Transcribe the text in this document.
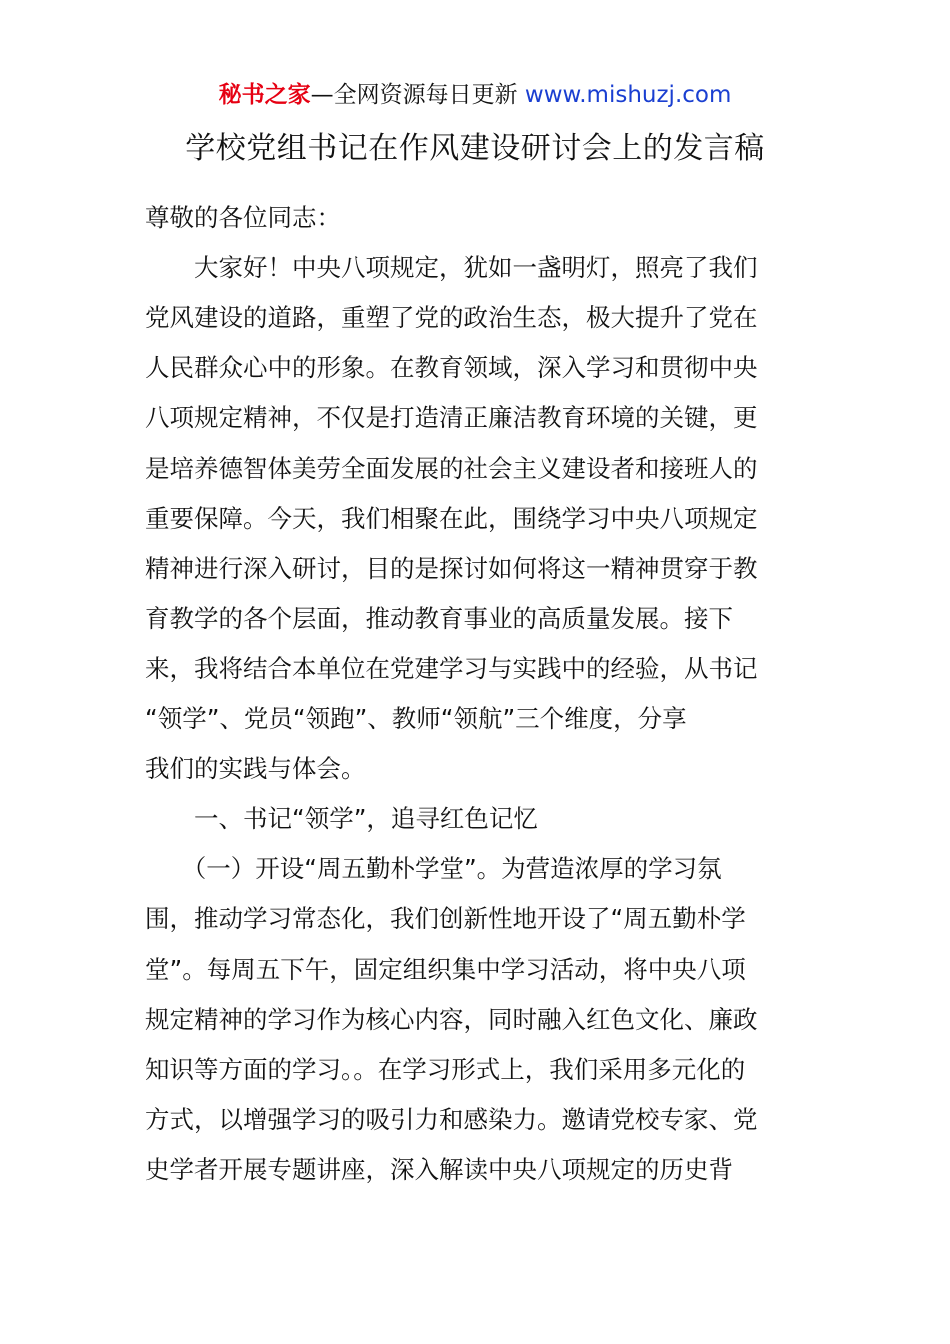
秘书之家—全网资源每日更新 www.mishuzj.com
学校党组书记在作风建设研讨会上的发言稿
尊敬的各位同志：
　　大家好！中央八项规定，犹如一盏明灯，照亮了我们
党风建设的道路，重塑了党的政治生态，极大提升了党在
人民群众心中的形象。在教育领域，深入学习和贯彻中央
八项规定精神，不仅是打造清正廉洁教育环境的关键，更
是培养德智体美劳全面发展的社会主义建设者和接班人的
重要保障。今天，我们相聚在此，围绕学习中央八项规定
精神进行深入研讨，目的是探讨如何将这一精神贯穿于教
育教学的各个层面，推动教育事业的高质量发展。接下
来，我将结合本单位在党建学习与实践中的经验，从书记
“领学”、党员“领跑”、教师“领航”三个维度，分享
我们的实践与体会。
　　一、书记“领学”，追寻红色记忆
　　（一）开设“周五勤朴学堂”。为营造浓厚的学习氛
围，推动学习常态化，我们创新性地开设了“周五勤朴学
堂”。每周五下午，固定组织集中学习活动，将中央八项
规定精神的学习作为核心内容，同时融入红色文化、廉政
知识等方面的学习。。在学习形式上，我们采用多元化的
方式，以增强学习的吸引力和感染力。邀请党校专家、党
史学者开展专题讲座，深入解读中央八项规定的历史背
